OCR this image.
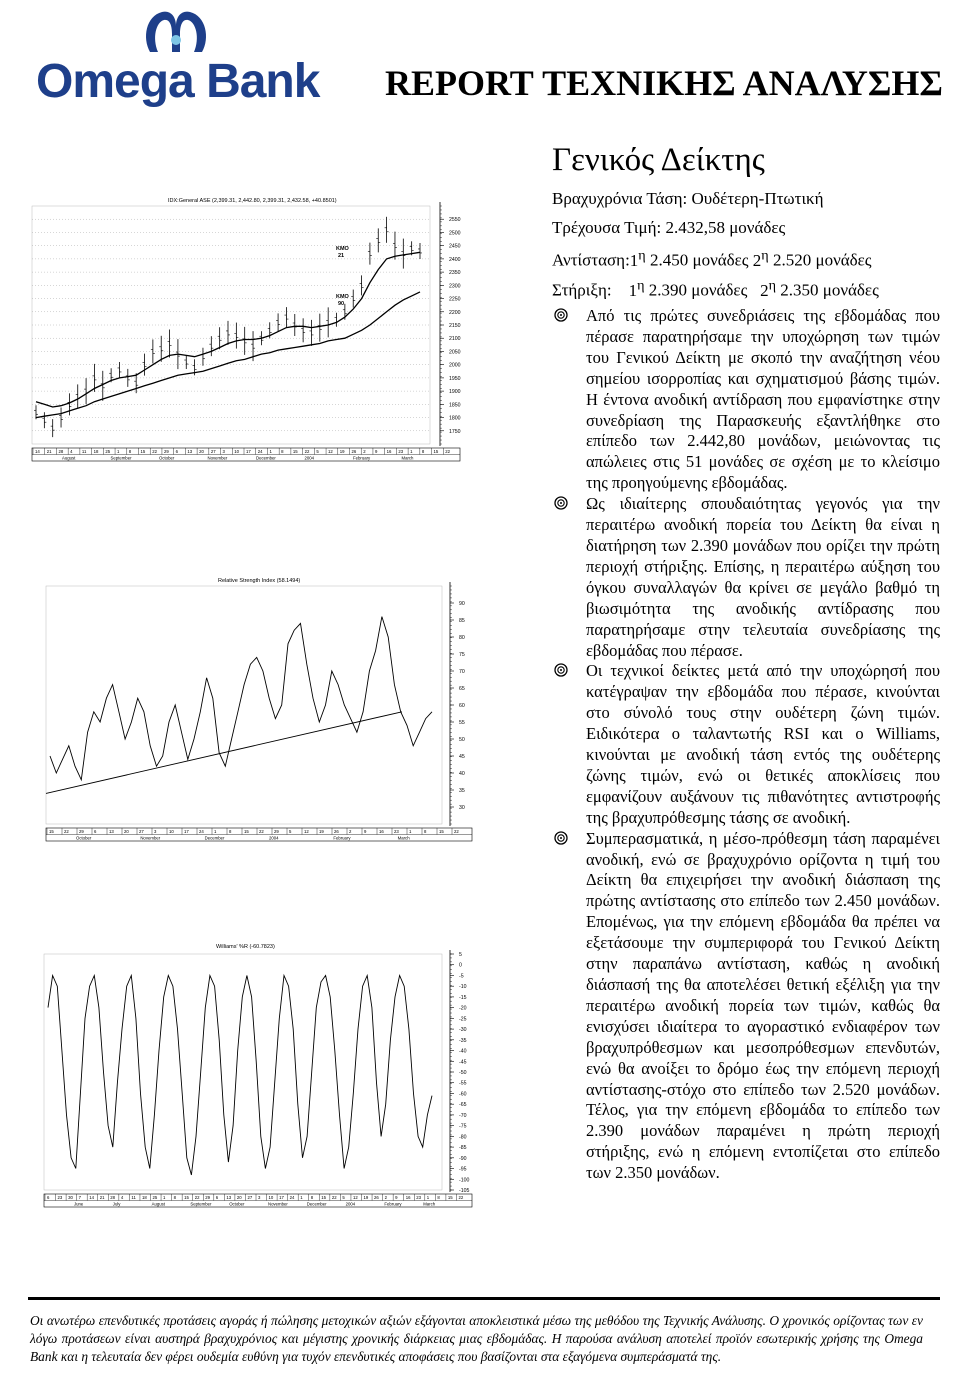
Omega Bank REPORT ΤΕΧΝΙΚΗΣ ΑΝΑΛΥΣΗΣ
IDX:General ASE (2,399.31, 2,442.80, 2,399.31, 2,432.58, +40.8501)
1750
1800
1850
1900
1950
2000
2050
2100
2150
2200
2250
2300
2350
2400
2450
2500
2550
14 21 28 4 11 18 25 1 8 15 22 29 6 13 20 27 3 10 17 24 1 8 15 22 5 12 19 26 2 9 16 23 1 8 15 22
August	September	October	November	December	2004	February	March
KMO
21
KMO
90
Relative Strength Index (58.1494)
30
35
40
45
50
55
60
65
70
75
80
85
90
15 22 29 6	13 20 27 3	10 17 24 1	8	15 22 29 5	12 19 26 2	9	16 23 1	8	15 22
October	November	December	2004	February	March
Williams' %R (-60.7823)
5
0
-5
-10
-15
-20
-25
-30
-35
-40
-45
-50
-55
-60
-65
-70
-75
-80
-85
-90
-95
-100
-105
6 23 30 7 14 21 28 4 11 18 25 1 8 15 22 29 6 13 20 27 3 10 17 24 1 8 15 22 5 12 19 26 2 9 16 23 1 8 15 22
June	July	August	September	October	November	December	2004	February	March
Γενικός Δείκτης
Βραχυχρόνια Τάση: Ουδέτερη-Πτωτική
Τρέχουσα Τιμή: 2.432,58 μονάδες
$A\nu\tau ί\sigma\tau\alpha\sigma\eta:1^\eta$ 2.450 μονάδες $2^\eta$ 2.520 μονάδες
Στήριξη: $1^\eta$ 2.390 μονάδες $2^\eta$ 2.350 μονάδες
Από τις πρώτες συνεδριάσεις της εβδομάδας που πέρασε παρατηρήσαμε την υποχώρηση των τιμών του Γενικού Δείκτη με σκοπό την αναζήτηση νέου σημείου ισορροπίας και σχηματισμού βάσης τιμών. Η έντονα ανοδική αντίδραση που εμφανίστηκε στην συνεδρίαση της Παρασκευής εξαντλήθηκε στο επίπεδο των 2.442,80 μονάδων, μειώνοντας τις απώλειες στις 51 μονάδες σε σχέση με το κλείσιμο της προηγούμενης εβδομάδας.
Ως ιδιαίτερης σπουδαιότητας γεγονός για την περαιτέρω ανοδική πορεία του Δείκτη θα είναι η διατήρηση των 2.390 μονάδων που ορίζει την πρώτη περιοχή στήριξης. Επίσης, η περαιτέρω αύξηση του όγκου συναλλαγών θα κρίνει σε μεγάλο βαθμό τη βιωσιμότητα της ανοδικής αντίδρασης που παρατηρήσαμε στην τελευταία συνεδρίασης της εβδομάδας που πέρασε.
Οι τεχνικοί δείκτες μετά από την υποχώρησή που κατέγραψαν την εβδομάδα που πέρασε, κινούνται στο σύνολό τους στην ουδέτερη ζώνη τιμών. Ειδικότερα ο ταλαντωτής RSI και ο Williams, κινούνται με ανοδική τάση εντός της ουδέτερης ζώνης τιμών, ενώ οι θετικές αποκλίσεις που εμφανίζουν αυξάνουν τις πιθανότητες αντιστροφής της βραχυπρόθεσμης τάσης σε ανοδική.
Συμπερασματικά, η μέσο-πρόθεσμη τάση παραμένει ανοδική, ενώ σε βραχυχρόνιο ορίζοντα η τιμή του Δείκτη θα επιχειρήσει την ανοδική διάσπαση της πρώτης αντίστασης στο επίπεδο των 2.450 μονάδων. Επομένως, για την επόμενη εβδομάδα θα πρέπει να εξετάσουμε την συμπεριφορά του Γενικού Δείκτη στην παραπάνω αντίσταση, καθώς η ανοδική διάσπασή της θα αποτελέσει θετική εξέλιξη για την περαιτέρω ανοδική πορεία των τιμών, καθώς θα ενισχύσει ιδιαίτερα το αγοραστικό ενδιαφέρον των βραχυπρόθεσμων και μεσοπρόθεσμων επενδυτών, ενώ θα ανοίξει το δρόμο έως την επόμενη περιοχή αντίστασης-στόχο στο επίπεδο των 2.520 μονάδων. Τέλος, για την επόμενη εβδομάδα το επίπεδο των 2.390 μονάδων παραμένει η πρώτη περιοχή στήριξης, ενώ η επόμενη εντοπίζεται στο επίπεδο των 2.350 μονάδων.
Οι ανωτέρω επενδυτικές προτάσεις αγοράς ή πώλησης μετοχικών αξιών εξάγονται αποκλειστικά μέσω της μεθόδου της Τεχνικής Ανάλυσης. Ο χρονικός ορίζοντας των εν λόγω προτάσεων είναι αυστηρά βραχυχρόνιος και μέγιστης χρονικής διάρκειας μιας εβδομάδας. Η παρούσα ανάλυση αποτελεί προϊόν εσωτερικής χρήσης της Omega Bank και η τελευταία δεν φέρει ουδεμία ευθύνη για τυχόν επενδυτικές αποφάσεις που βασίζονται στα εξαγόμενα συμπεράσματά της.
